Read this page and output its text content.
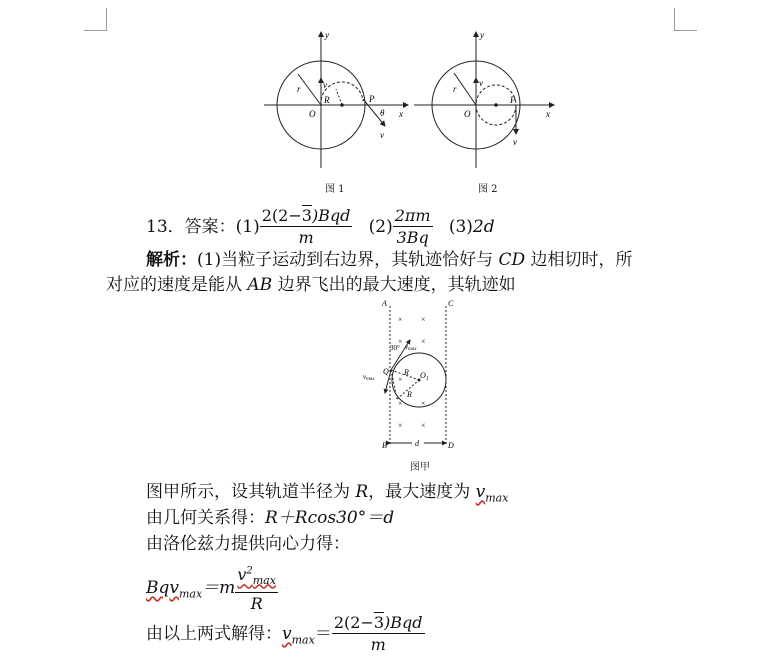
y
x
O
r v
R	P
θ
v
图 1
y
x
O
r
v
P
v
图 2
13．答案：$(1) \frac{\text{2(2−3)Bqd}}{m} (2) \frac{2\pi m}{3Bq} (3)2d$
解析：(1)当粒子运动到右边界，其轨迹恰好与 CD 边相切时，所
对应的速度是能从 AB 边界飞出的最大速度，其轨迹如
A	C
B	D
d
Q	$O_1$
R
R
30° vmax
vmax
× ×
× ×
×
×
×
× ×
图甲
图甲所示，设其轨道半径为 R，最大速度为 $v_{max}$
由几何关系得：R＋Rcos30°＝d
由洛伦兹力提供向心力得：
$Bqv_{max}=m \frac{v^2_{max}}{R}$
由以上两式解得：$v_{max}= \frac{\text{2(2−3)Bqd}}{m}$
